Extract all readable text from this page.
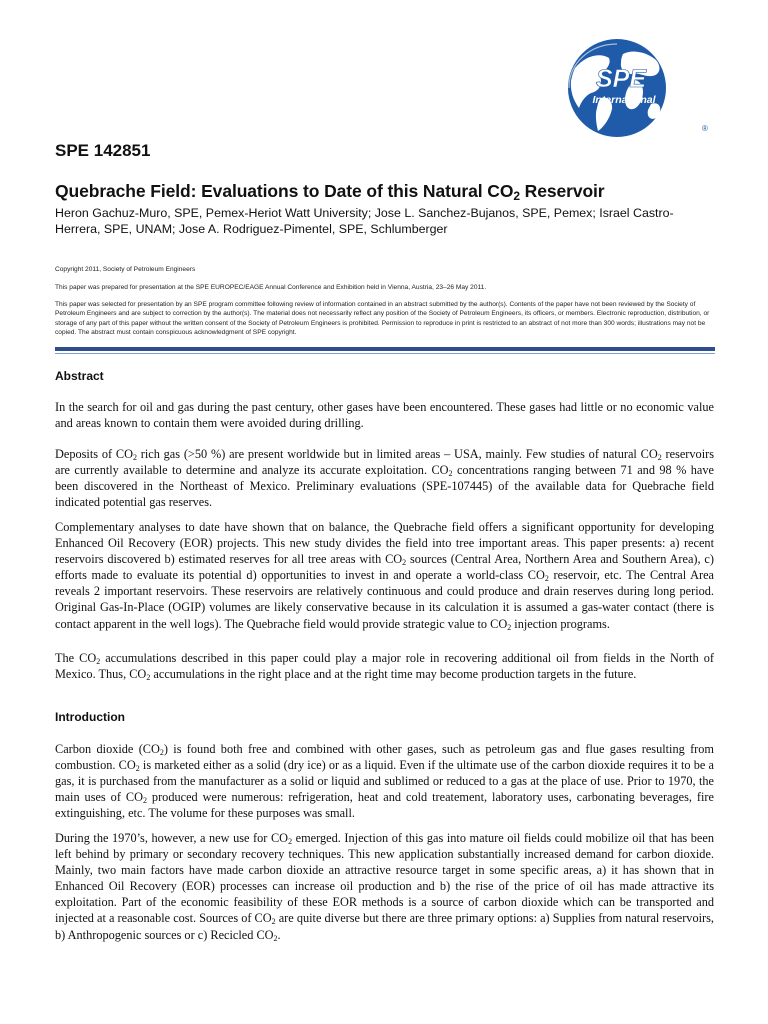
SPE
International
®
SPE 142851
Quebrache Field: Evaluations to Date of this Natural $CO_2$ Reservoir
Heron Gachuz-Muro, SPE, Pemex-Heriot Watt University; Jose L. Sanchez-Bujanos, SPE, Pemex; Israel Castro-Herrera, SPE, UNAM; Jose A. Rodriguez-Pimentel, SPE, Schlumberger
Copyright 2011, Society of Petroleum Engineers
This paper was prepared for presentation at the SPE EUROPEC/EAGE Annual Conference and Exhibition held in Vienna, Austria, 23–26 May 2011.
This paper was selected for presentation by an SPE program committee following review of information contained in an abstract submitted by the author(s). Contents of the paper have not been reviewed by the Society of Petroleum Engineers and are subject to correction by the author(s). The material does not necessarily reflect any position of the Society of Petroleum Engineers, its officers, or members. Electronic reproduction, distribution, or storage of any part of this paper without the written consent of the Society of Petroleum Engineers is prohibited. Permission to reproduce in print is restricted to an abstract of not more than 300 words; illustrations may not be copied. The abstract must contain conspicuous acknowledgment of SPE copyright.
Abstract
In the search for oil and gas during the past century, other gases have been encountered. These gases had little or no economic value and areas known to contain them were avoided during drilling.
Deposits of $CO_2$ rich gas (>50 %) are present worldwide but in limited areas – USA, mainly. Few studies of natural $CO_2$ reservoirs are currently available to determine and analyze its accurate exploitation. $CO_2$ concentrations ranging between 71 and 98 % have been discovered in the Northeast of Mexico. Preliminary evaluations (SPE-107445) of the available data for Quebrache field indicated potential gas reserves.
Complementary analyses to date have shown that on balance, the Quebrache field offers a significant opportunity for developing Enhanced Oil Recovery (EOR) projects. This new study divides the field into tree important areas. This paper presents: a) recent reservoirs discovered b) estimated reserves for all tree areas with $CO_2$ sources (Central Area, Northern Area and Southern Area), c) efforts made to evaluate its potential d) opportunities to invest in and operate a world-class $CO_2$ reservoir, etc. The Central Area reveals 2 important reservoirs. These reservoirs are relatively continuous and could produce and drain reserves during long period. Original Gas-In-Place (OGIP) volumes are likely conservative because in its calculation it is assumed a gas-water contact (there is contact apparent in the well logs). The Quebrache field would provide strategic value to $CO_2$ injection programs.
The $CO_2$ accumulations described in this paper could play a major role in recovering additional oil from fields in the North of Mexico. Thus, $CO_2$ accumulations in the right place and at the right time may become production targets in the future.
Introduction
Carbon dioxide $(CO_2)$ is found both free and combined with other gases, such as petroleum gas and flue gases resulting from combustion. $CO_2$ is marketed either as a solid (dry ice) or as a liquid. Even if the ultimate use of the carbon dioxide requires it to be a gas, it is purchased from the manufacturer as a solid or liquid and sublimed or reduced to a gas at the place of use. Prior to 1970, the main uses of $CO_2$ produced were numerous: refrigeration, heat and cold treatement, laboratory uses, carbonating beverages, fire extinguishing, etc. The volume for these purposes was small.
During the 1970’s, however, a new use for $CO_2$ emerged. Injection of this gas into mature oil fields could mobilize oil that has been left behind by primary or secondary recovery techniques. This new application substantially increased demand for carbon dioxide. Mainly, two main factors have made carbon dioxide an attractive resource target in some specific areas, a) it has shown that in Enhanced Oil Recovery (EOR) processes can increase oil production and b) the rise of the price of oil has made attractive its exploitation. Part of the economic feasibility of these EOR methods is a source of carbon dioxide which can be transported and injected at a reasonable cost. Sources of $CO_2$ are quite diverse but there are three primary options: a) Supplies from natural reservoirs, b) Anthropogenic sources or c) Recicled $CO_2$.
